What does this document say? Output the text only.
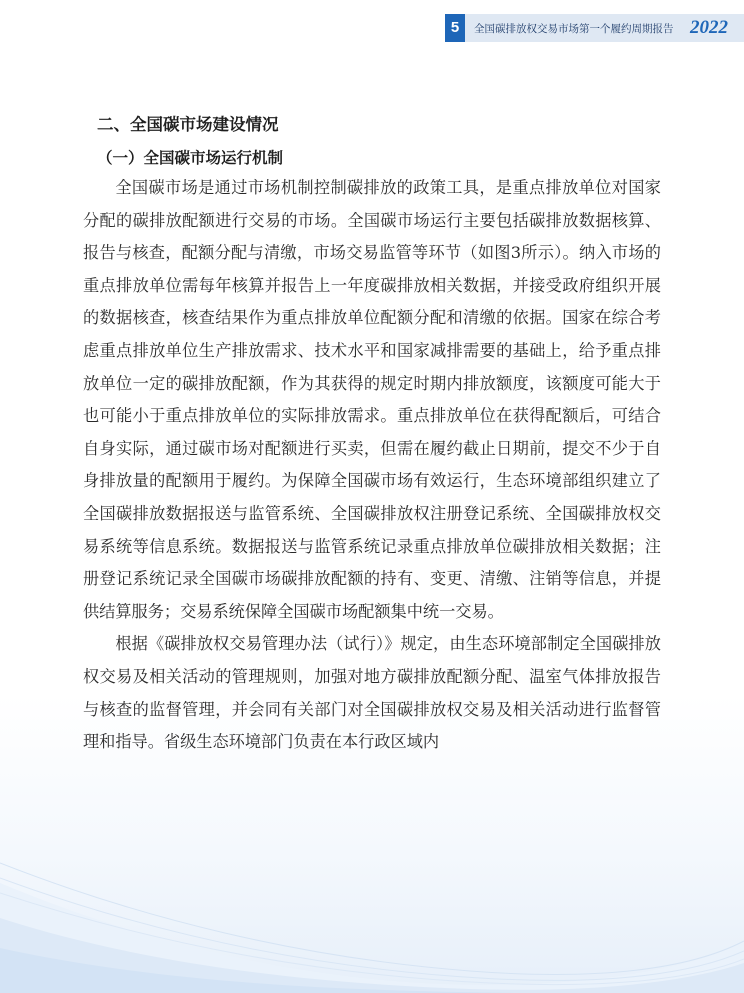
5	全国碳排放权交易市场第一个履约周期报告 2022
二、全国碳市场建设情况
（一）全国碳市场运行机制

全国碳市场是通过市场机制控制碳排放的政策工具，是重点排放单位对国家分配的碳排放配额进行交易的市场。全国碳市场运行主要包括碳排放数据核算、报告与核查，配额分配与清缴，市场交易监管等环节（如图3所示）。纳入市场的重点排放单位需每年核算并报告上一年度碳排放相关数据，并接受政府组织开展的数据核查，核查结果作为重点排放单位配额分配和清缴的依据。国家在综合考虑重点排放单位生产排放需求、技术水平和国家减排需要的基础上，给予重点排放单位一定的碳排放配额，作为其获得的规定时期内排放额度，该额度可能大于也可能小于重点排放单位的实际排放需求。重点排放单位在获得配额后，可结合自身实际，通过碳市场对配额进行买卖，但需在履约截止日期前，提交不少于自身排放量的配额用于履约。为保障全国碳市场有效运行，生态环境部组织建立了全国碳排放数据报送与监管系统、全国碳排放权注册登记系统、全国碳排放权交易系统等信息系统。数据报送与监管系统记录重点排放单位碳排放相关数据；注册登记系统记录全国碳市场碳排放配额的持有、变更、清缴、注销等信息，并提供结算服务；交易系统保障全国碳市场配额集中统一交易。

根据《碳排放权交易管理办法（试行）》规定，由生态环境部制定全国碳排放权交易及相关活动的管理规则，加强对地方碳排放配额分配、温室气体排放报告与核查的监督管理，并会同有关部门对全国碳排放权交易及相关活动进行监督管理和指导。省级生态环境部门负责在本行政区域内
